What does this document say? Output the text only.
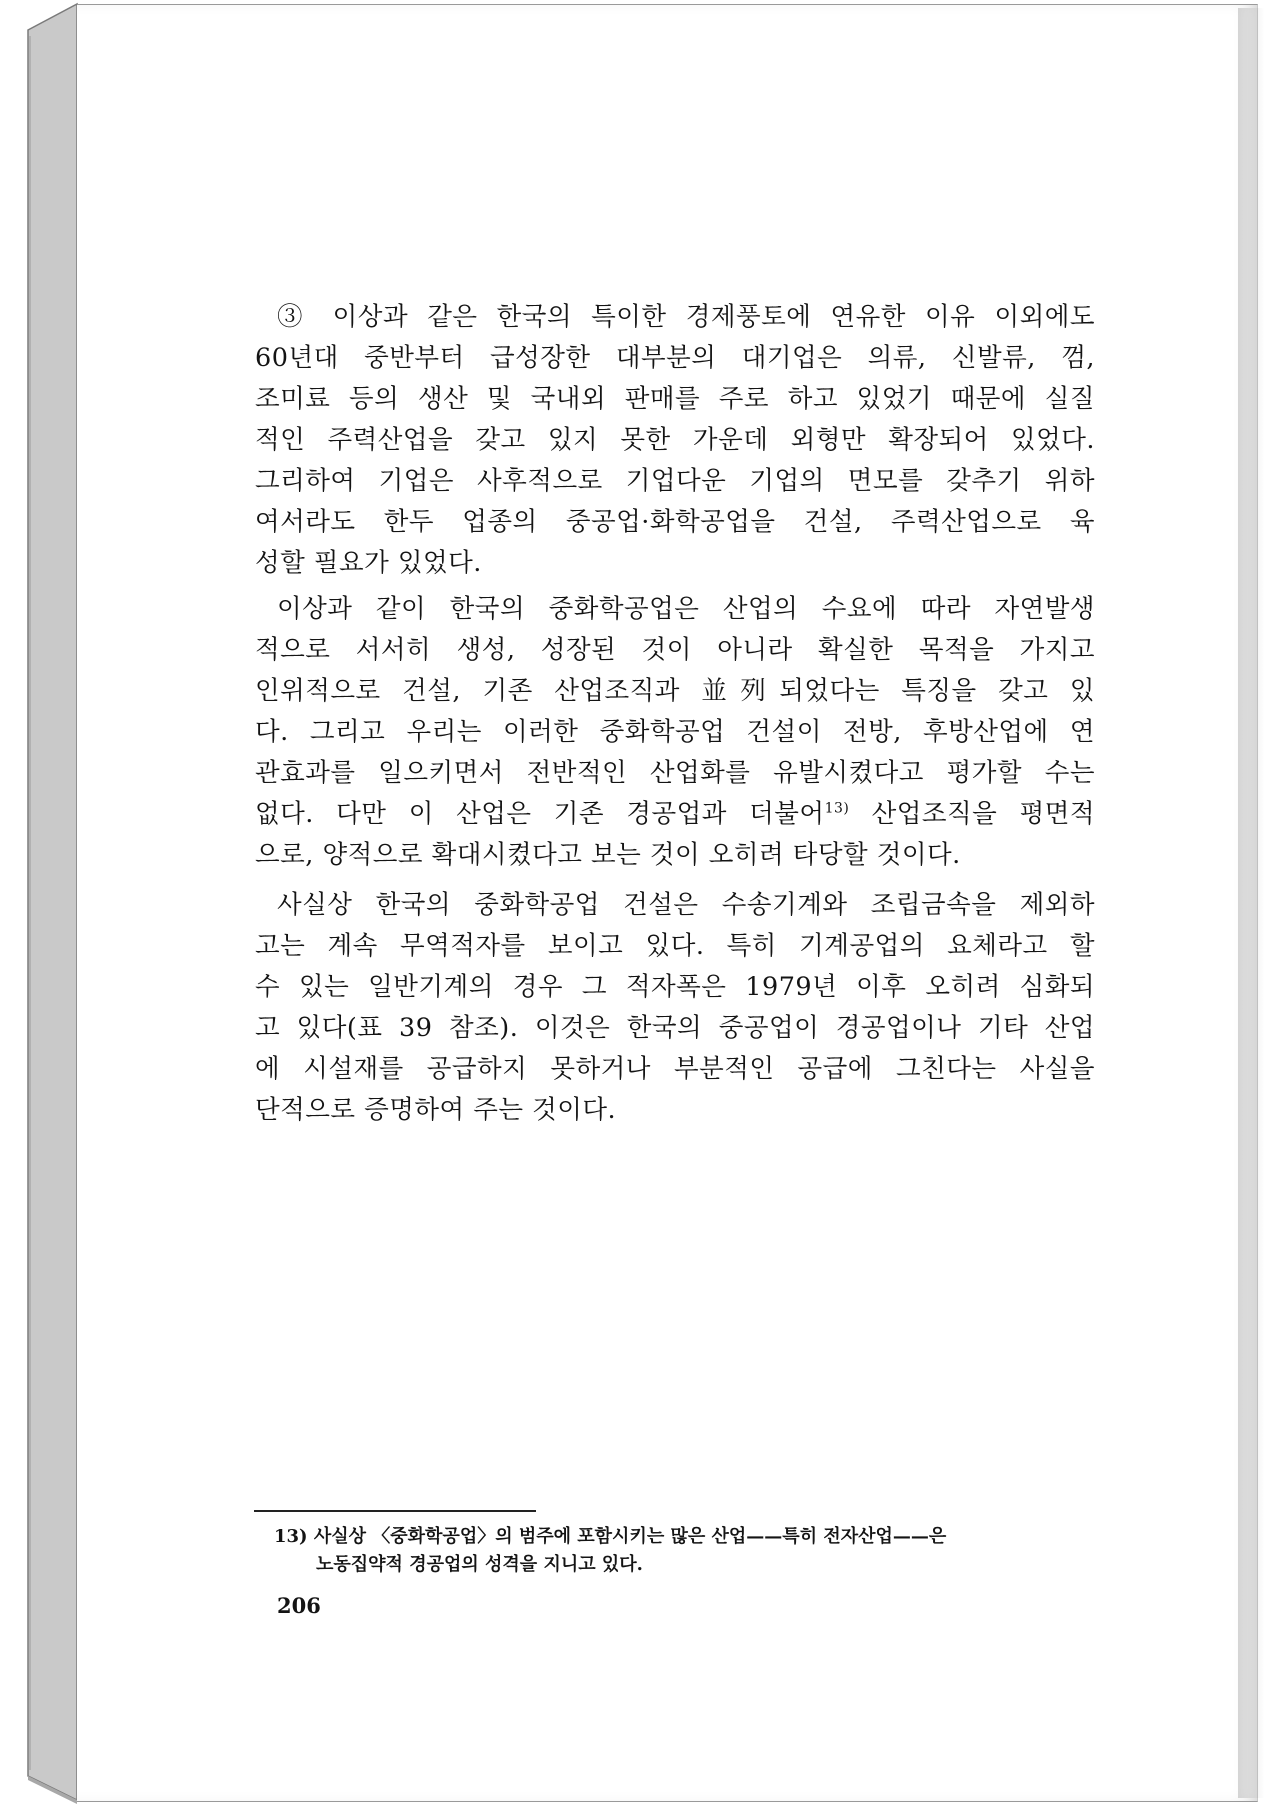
③ 이상과 같은 한국의 특이한 경제풍토에 연유한 이유 이외에도
60년대 중반부터 급성장한 대부분의 대기업은 의류, 신발류, 껌,
조미료 등의 생산 및 국내외 판매를 주로 하고 있었기 때문에 실질
적인 주력산업을 갖고 있지 못한 가운데 외형만 확장되어 있었다.
그리하여 기업은 사후적으로 기업다운 기업의 면모를 갖추기 위하
여서라도 한두 업종의 중공업·화학공업을 건설, 주력산업으로 육
성할 필요가 있었다.
이상과 같이 한국의 중화학공업은 산업의 수요에 따라 자연발생
적으로 서서히 생성, 성장된 것이 아니라 확실한 목적을 가지고
인위적으로 건설, 기존 산업조직과 並列되었다는 특징을 갖고 있
다. 그리고 우리는 이러한 중화학공업 건설이 전방, 후방산업에 연
관효과를 일으키면서 전반적인 산업화를 유발시켰다고 평가할 수는
없다. 다만 이 산업은 기존 경공업과 더불어$^{13)}$ 산업조직을 평면적
으로, 양적으로 확대시켰다고 보는 것이 오히려 타당할 것이다.
사실상 한국의 중화학공업 건설은 수송기계와 조립금속을 제외하
고는 계속 무역적자를 보이고 있다. 특히 기계공업의 요체라고 할
수 있는 일반기계의 경우 그 적자폭은 1979년 이후 오히려 심화되
고 있다(표 39 참조). 이것은 한국의 중공업이 경공업이나 기타 산업
에 시설재를 공급하지 못하거나 부분적인 공급에 그친다는 사실을
단적으로 증명하여 주는 것이다.
13) 사실상 〈중화학공업〉의 범주에 포함시키는 많은 산업——특히 전자산업——은
노동집약적 경공업의 성격을 지니고 있다.
206
